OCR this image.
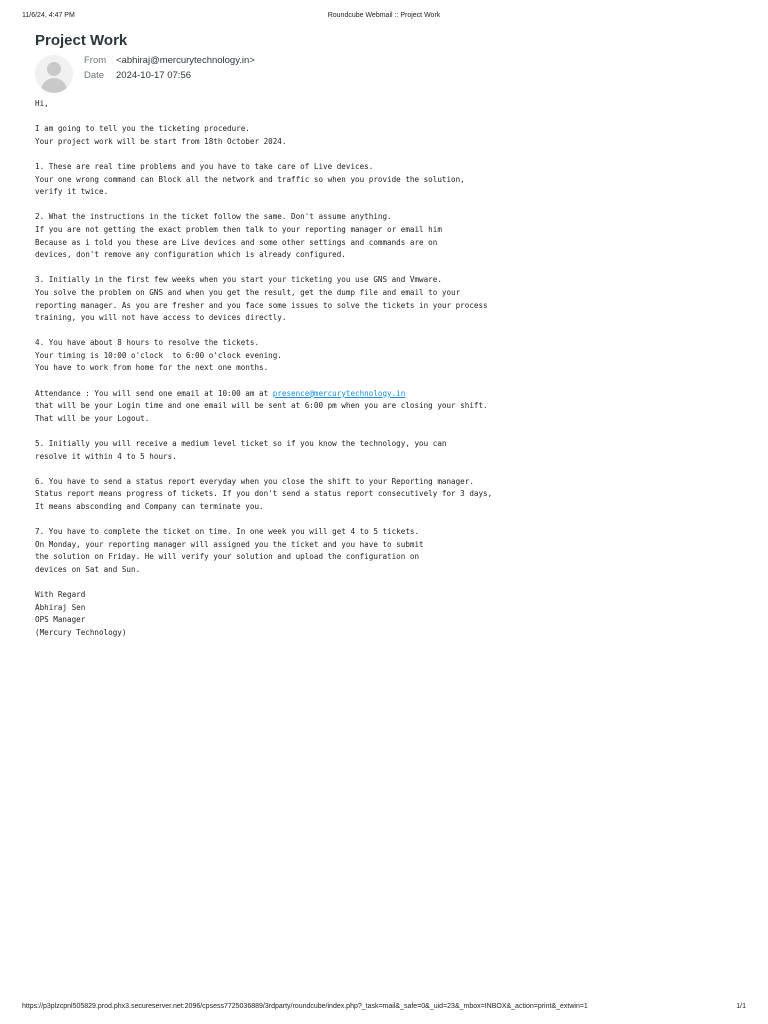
11/6/24, 4:47 PM	Roundcube Webmail :: Project Work
Project Work
From <abhiraj@mercurytechnology.in>
Date 2024-10-17 07:56
Hi,
I am going to tell you the ticketing procedure.
Your project work will be start from 18th October 2024.
1. These are real time problems and you have to take care of Live devices.
Your one wrong command can Block all the network and traffic so when you provide the solution,
verify it twice.
2. What the instructions in the ticket follow the same. Don't assume anything.
If you are not getting the exact problem then talk to your reporting manager or email him
Because as i told you these are Live devices and some other settings and commands are on
devices, don't remove any configuration which is already configured.
3. Initially in the first few weeks when you start your ticketing you use GNS and Vmware.
You solve the problem on GNS and when you get the result, get the dump file and email to your
reporting manager. As you are fresher and you face some issues to solve the tickets in your process
training, you will not have access to devices directly.
4. You have about 8 hours to resolve the tickets.
Your timing is 10:00 o'clock  to 6:00 o'clock evening.
You have to work from home for the next one months.
Attendance : You will send one email at 10:00 am at presence@mercurytechnology.in
that will be your Login time and one email will be sent at 6:00 pm when you are closing your shift.
That will be your Logout.
5. Initially you will receive a medium level ticket so if you know the technology, you can
resolve it within 4 to 5 hours.
6. You have to send a status report everyday when you close the shift to your Reporting manager.
Status report means progress of tickets. If you don't send a status report consecutively for 3 days,
It means absconding and Company can terminate you.
7. You have to complete the ticket on time. In one week you will get 4 to 5 tickets.
On Monday, your reporting manager will assigned you the ticket and you have to submit
the solution on Friday. He will verify your solution and upload the configuration on
devices on Sat and Sun.
With Regard
Abhiraj Sen
OPS Manager
(Mercury Technology)
https://p3plzcpnl505829.prod.phx3.secureserver.net:2096/cpsess7725036889/3rdparty/roundcube/index.php?_task=mail&_safe=0&_uid=23&_mbox=INBOX&_action=print&_extwin=1	1/1
